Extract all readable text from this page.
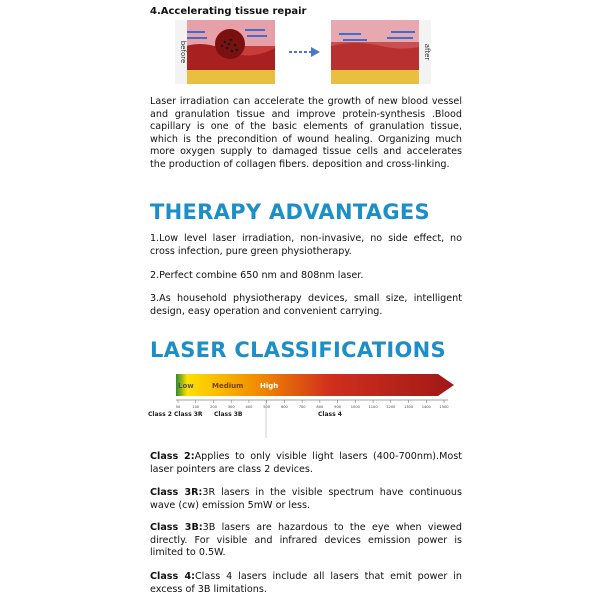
4.Accelerating tissue repair
before	after
Laser irradiation can accelerate the growth of new blood vessel and granulation tissue and improve protein-synthesis .Blood capillary is one of the basic elements of granulation tissue, which is the precondition of wound healing. Organizing much more oxygen supply to damaged tissue cells and accelerates the production of collagen fibers. deposition and cross-linking.
THERAPY ADVANTAGES
1.Low level laser irradiation, non-invasive, no side effect, no cross infection, pure green physiotherapy.
2.Perfect combine 650 nm and 808nm laser.
3.As household physiotherapy devices, small size, intelligent design, easy operation and convenient carrying.
LASER CLASSIFICATIONS
Low	Medium High
50	100	200	300	400	500	600	700	800	900	1000 1100 1200 1300 1400 1500
Class 2 Class 3R Class 3B	Class 4
Class 2:Applies to only visible light lasers (400-700nm).Most laser pointers are class 2 devices.
Class 3R:3R lasers in the visible spectrum have continuous wave (cw) emission 5mW or less.
Class 3B:3B lasers are hazardous to the eye when viewed directly. For visible and infrared devices emission power is limited to 0.5W.
Class 4:Class 4 lasers include all lasers that emit power in excess of 3B limitations.
